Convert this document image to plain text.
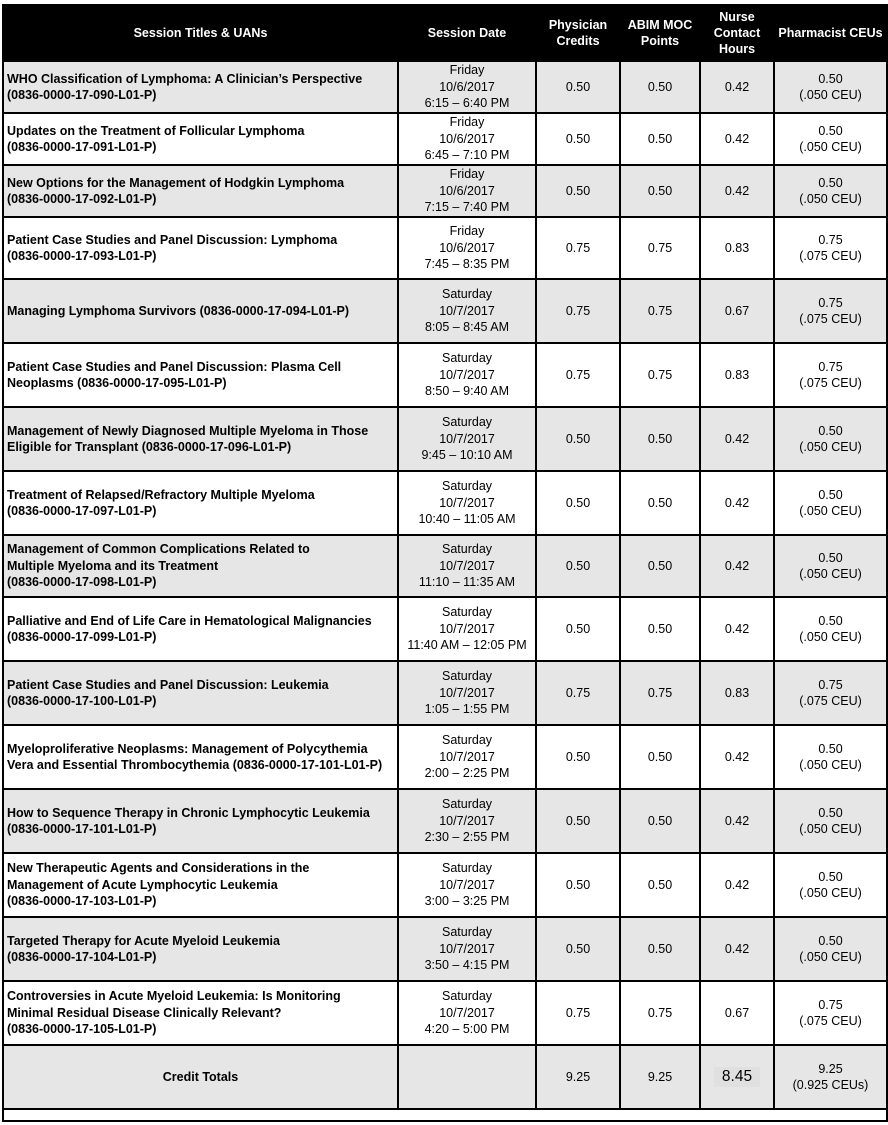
Session Titles & UANs	Session Date	Physician
Credits	ABIM MOC
Points	Nurse
Contact
Hours	Pharmacist CEUs

WHO Classification of Lymphoma: A Clinician’s Perspective
(0836-0000-17-090-L01-P)	Friday
10/6/2017
6:15 – 6:40 PM	0.50	0.50	0.42	0.50
(.050 CEU)

Updates on the Treatment of Follicular Lymphoma
(0836-0000-17-091-L01-P)	Friday
10/6/2017
6:45 – 7:10 PM	0.50	0.50	0.42	0.50
(.050 CEU)

New Options for the Management of Hodgkin Lymphoma
(0836-0000-17-092-L01-P)	Friday
10/6/2017
7:15 – 7:40 PM	0.50	0.50	0.42	0.50
(.050 CEU)

Patient Case Studies and Panel Discussion: Lymphoma
(0836-0000-17-093-L01-P)	Friday
10/6/2017
7:45 – 8:35 PM	0.75	0.75	0.83	0.75
(.075 CEU)

Managing Lymphoma Survivors (0836-0000-17-094-L01-P)	Saturday
10/7/2017
8:05 – 8:45 AM	0.75	0.75	0.67	0.75
(.075 CEU)

Patient Case Studies and Panel Discussion: Plasma Cell
Neoplasms (0836-0000-17-095-L01-P)	Saturday
10/7/2017
8:50 – 9:40 AM	0.75	0.75	0.83	0.75
(.075 CEU)

Management of Newly Diagnosed Multiple Myeloma in Those
Eligible for Transplant (0836-0000-17-096-L01-P)	Saturday
10/7/2017
9:45 – 10:10 AM	0.50	0.50	0.42	0.50
(.050 CEU)

Treatment of Relapsed/Refractory Multiple Myeloma
(0836-0000-17-097-L01-P)	Saturday
10/7/2017
10:40 – 11:05 AM	0.50	0.50	0.42	0.50
(.050 CEU)

Management of Common Complications Related to
Multiple Myeloma and its Treatment
(0836-0000-17-098-L01-P)	Saturday
10/7/2017
11:10 – 11:35 AM	0.50	0.50	0.42	0.50
(.050 CEU)

Palliative and End of Life Care in Hematological Malignancies
(0836-0000-17-099-L01-P)	Saturday
10/7/2017
11:40 AM – 12:05 PM	0.50	0.50	0.42	0.50
(.050 CEU)

Patient Case Studies and Panel Discussion: Leukemia
(0836-0000-17-100-L01-P)	Saturday
10/7/2017
1:05 – 1:55 PM	0.75	0.75	0.83	0.75
(.075 CEU)

Myeloproliferative Neoplasms: Management of Polycythemia
Vera and Essential Thrombocythemia (0836-0000-17-101-L01-P)	Saturday
10/7/2017
2:00 – 2:25 PM	0.50	0.50	0.42	0.50
(.050 CEU)

How to Sequence Therapy in Chronic Lymphocytic Leukemia
(0836-0000-17-101-L01-P)	Saturday
10/7/2017
2:30 – 2:55 PM	0.50	0.50	0.42	0.50
(.050 CEU)

New Therapeutic Agents and Considerations in the
Management of Acute Lymphocytic Leukemia
(0836-0000-17-103-L01-P)	Saturday
10/7/2017
3:00 – 3:25 PM	0.50	0.50	0.42	0.50
(.050 CEU)

Targeted Therapy for Acute Myeloid Leukemia
(0836-0000-17-104-L01-P)	Saturday
10/7/2017
3:50 – 4:15 PM	0.50	0.50	0.42	0.50
(.050 CEU)

Controversies in Acute Myeloid Leukemia: Is Monitoring
Minimal Residual Disease Clinically Relevant?
(0836-0000-17-105-L01-P)	Saturday
10/7/2017
4:20 – 5:00 PM	0.75	0.75	0.67	0.75
(.075 CEU)

Credit Totals		9.25	9.25	8.45	9.25
(0.925 CEUs)
